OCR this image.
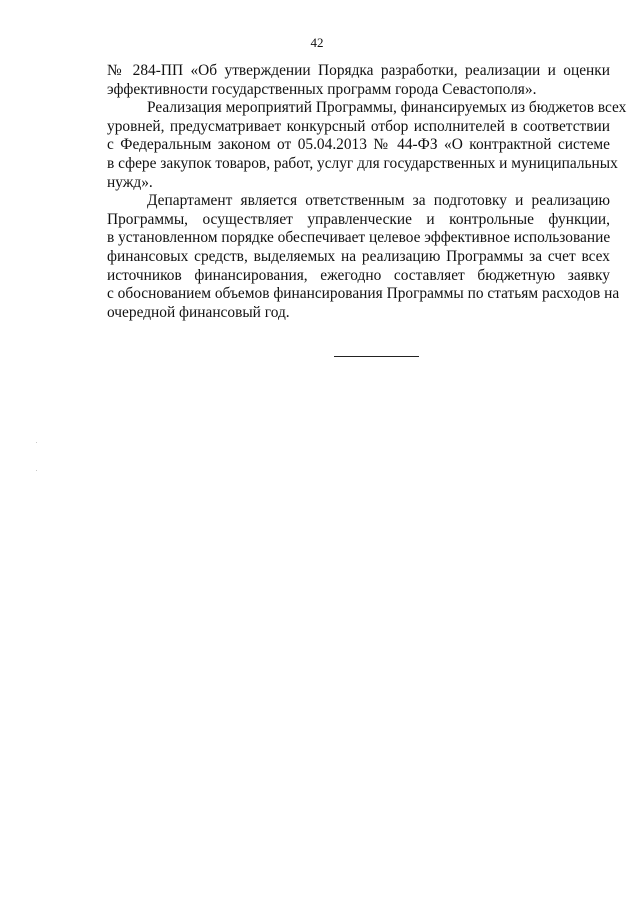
42
№ 284-ПП «Об утверждении Порядка разработки, реализации и оценки
эффективности государственных программ города Севастополя».
Реализация мероприятий Программы, финансируемых из бюджетов всех
уровней, предусматривает конкурсный отбор исполнителей в соответствии
с Федеральным законом от 05.04.2013 № 44-ФЗ «О контрактной системе
в сфере закупок товаров, работ, услуг для государственных и муниципальных
нужд».
Департамент является ответственным за подготовку и реализацию
Программы, осуществляет управленческие и контрольные функции,
в установленном порядке обеспечивает целевое эффективное использование
финансовых средств, выделяемых на реализацию Программы за счет всех
источников финансирования, ежегодно составляет бюджетную заявку
с обоснованием объемов финансирования Программы по статьям расходов на
очередной финансовый год.
